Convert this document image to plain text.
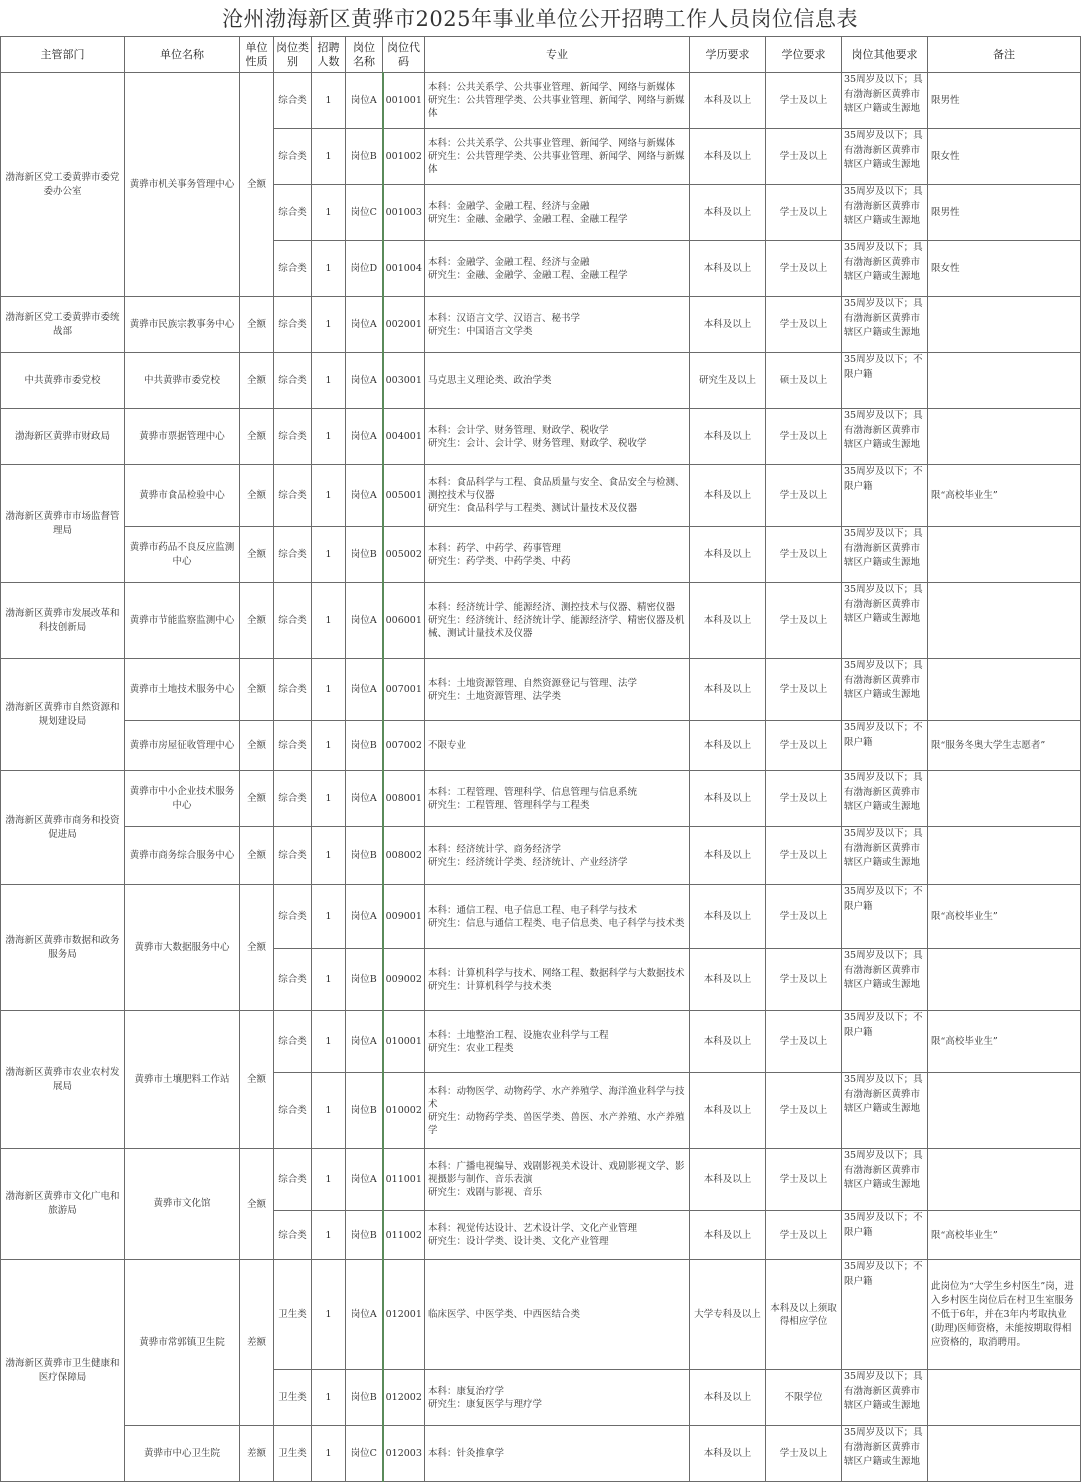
沧州渤海新区黄骅市2025年事业单位公开招聘工作人员岗位信息表
主管部门	单位名称	单位性质	岗位类别	招聘人数	岗位名称	岗位代码	专业	学历要求	学位要求	岗位其他要求	备注

渤海新区党工委黄骅市委党委办公室	黄骅市机关事务管理中心	全额	综合类	1	岗位A	001001	本科：公共关系学、公共事业管理、新闻学、网络与新媒体
研究生：公共管理学类、公共事业管理、新闻学、网络与新媒体	本科及以上	学士及以上	35周岁及以下；具有渤海新区黄骅市辖区户籍或生源地	限男性

			综合类	1	岗位B	001002	本科：公共关系学、公共事业管理、新闻学、网络与新媒体
研究生：公共管理学类、公共事业管理、新闻学、网络与新媒体	本科及以上	学士及以上	35周岁及以下；具有渤海新区黄骅市辖区户籍或生源地	限女性

			综合类	1	岗位C	001003	本科：金融学、金融工程、经济与金融
研究生：金融、金融学、金融工程、金融工程学	本科及以上	学士及以上	35周岁及以下；具有渤海新区黄骅市辖区户籍或生源地	限男性

			综合类	1	岗位D	001004	本科：金融学、金融工程、经济与金融
研究生：金融、金融学、金融工程、金融工程学	本科及以上	学士及以上	35周岁及以下；具有渤海新区黄骅市辖区户籍或生源地	限女性

渤海新区党工委黄骅市委统战部	黄骅市民族宗教事务中心	全额	综合类	1	岗位A	002001	本科：汉语言文学、汉语言、秘书学
研究生：中国语言文学类	本科及以上	学士及以上	35周岁及以下；具有渤海新区黄骅市辖区户籍或生源地	

中共黄骅市委党校	中共黄骅市委党校	全额	综合类	1	岗位A	003001	马克思主义理论类、政治学类	研究生及以上	硕士及以上	35周岁及以下；不限户籍	

渤海新区黄骅市财政局	黄骅市票据管理中心	全额	综合类	1	岗位A	004001	本科：会计学、财务管理、财政学、税收学
研究生：会计、会计学、财务管理、财政学、税收学	本科及以上	学士及以上	35周岁及以下；具有渤海新区黄骅市辖区户籍或生源地	

渤海新区黄骅市市场监督管理局	黄骅市食品检验中心	全额	综合类	1	岗位A	005001	本科：食品科学与工程、食品质量与安全、食品安全与检测、测控技术与仪器
研究生：食品科学与工程类、测试计量技术及仪器	本科及以上	学士及以上	35周岁及以下；不限户籍	限“高校毕业生”

	黄骅市药品不良反应监测中心	全额	综合类	1	岗位B	005002	本科：药学、中药学、药事管理
研究生：药学类、中药学类、中药	本科及以上	学士及以上	35周岁及以下；具有渤海新区黄骅市辖区户籍或生源地	

渤海新区黄骅市发展改革和科技创新局	黄骅市节能监察监测中心	全额	综合类	1	岗位A	006001	本科：经济统计学、能源经济、测控技术与仪器、精密仪器
研究生：经济统计、经济统计学、能源经济学、精密仪器及机械、测试计量技术及仪器	本科及以上	学士及以上	35周岁及以下；具有渤海新区黄骅市辖区户籍或生源地	

渤海新区黄骅市自然资源和规划建设局	黄骅市土地技术服务中心	全额	综合类	1	岗位A	007001	本科：土地资源管理、自然资源登记与管理、法学
研究生：土地资源管理、法学类	本科及以上	学士及以上	35周岁及以下；具有渤海新区黄骅市辖区户籍或生源地	

	黄骅市房屋征收管理中心	全额	综合类	1	岗位B	007002	不限专业	本科及以上	学士及以上	35周岁及以下；不限户籍	限“服务冬奥大学生志愿者”

渤海新区黄骅市商务和投资促进局	黄骅市中小企业技术服务中心	全额	综合类	1	岗位A	008001	本科：工程管理、管理科学、信息管理与信息系统
研究生：工程管理、管理科学与工程类	本科及以上	学士及以上	35周岁及以下；具有渤海新区黄骅市辖区户籍或生源地	

	黄骅市商务综合服务中心	全额	综合类	1	岗位B	008002	本科：经济统计学、商务经济学
研究生：经济统计学类、经济统计、产业经济学	本科及以上	学士及以上	35周岁及以下；具有渤海新区黄骅市辖区户籍或生源地	

渤海新区黄骅市数据和政务服务局	黄骅市大数据服务中心	全额	综合类	1	岗位A	009001	本科：通信工程、电子信息工程、电子科学与技术
研究生：信息与通信工程类、电子信息类、电子科学与技术类	本科及以上	学士及以上	35周岁及以下；不限户籍	限“高校毕业生”

			综合类	1	岗位B	009002	本科：计算机科学与技术、网络工程、数据科学与大数据技术
研究生：计算机科学与技术类	本科及以上	学士及以上	35周岁及以下；具有渤海新区黄骅市辖区户籍或生源地	

渤海新区黄骅市农业农村发展局	黄骅市土壤肥料工作站	全额	综合类	1	岗位A	010001	本科：土地整治工程、设施农业科学与工程
研究生：农业工程类	本科及以上	学士及以上	35周岁及以下；不限户籍	限“高校毕业生”

			综合类	1	岗位B	010002	本科：动物医学、动物药学、水产养殖学、海洋渔业科学与技术
研究生：动物药学类、兽医学类、兽医、水产养殖、水产养殖学	本科及以上	学士及以上	35周岁及以下；具有渤海新区黄骅市辖区户籍或生源地	

渤海新区黄骅市文化广电和旅游局	黄骅市文化馆	全额	综合类	1	岗位A	011001	本科：广播电视编导、戏剧影视美术设计、戏剧影视文学、影视摄影与制作、音乐表演
研究生：戏剧与影视、音乐	本科及以上	学士及以上	35周岁及以下；具有渤海新区黄骅市辖区户籍或生源地	

			综合类	1	岗位B	011002	本科：视觉传达设计、艺术设计学、文化产业管理
研究生：设计学类、设计类、文化产业管理	本科及以上	学士及以上	35周岁及以下；不限户籍	限“高校毕业生”

渤海新区黄骅市卫生健康和医疗保障局	黄骅市常郭镇卫生院	差额	卫生类	1	岗位A	012001	临床医学、中医学类、中西医结合类	大学专科及以上	本科及以上须取得相应学位	35周岁及以下；不限户籍	此岗位为“大学生乡村医生”岗，进入乡村医生岗位后在村卫生室服务不低于6年，并在3年内考取执业(助理)医师资格，未能按期取得相应资格的，取消聘用。

			卫生类	1	岗位B	012002	本科：康复治疗学
研究生：康复医学与理疗学	本科及以上	不限学位	35周岁及以下；具有渤海新区黄骅市辖区户籍或生源地	

	黄骅市中心卫生院	差额	卫生类	1	岗位C	012003	本科：针灸推拿学	本科及以上	学士及以上	35周岁及以下；具有渤海新区黄骅市辖区户籍或生源地	
